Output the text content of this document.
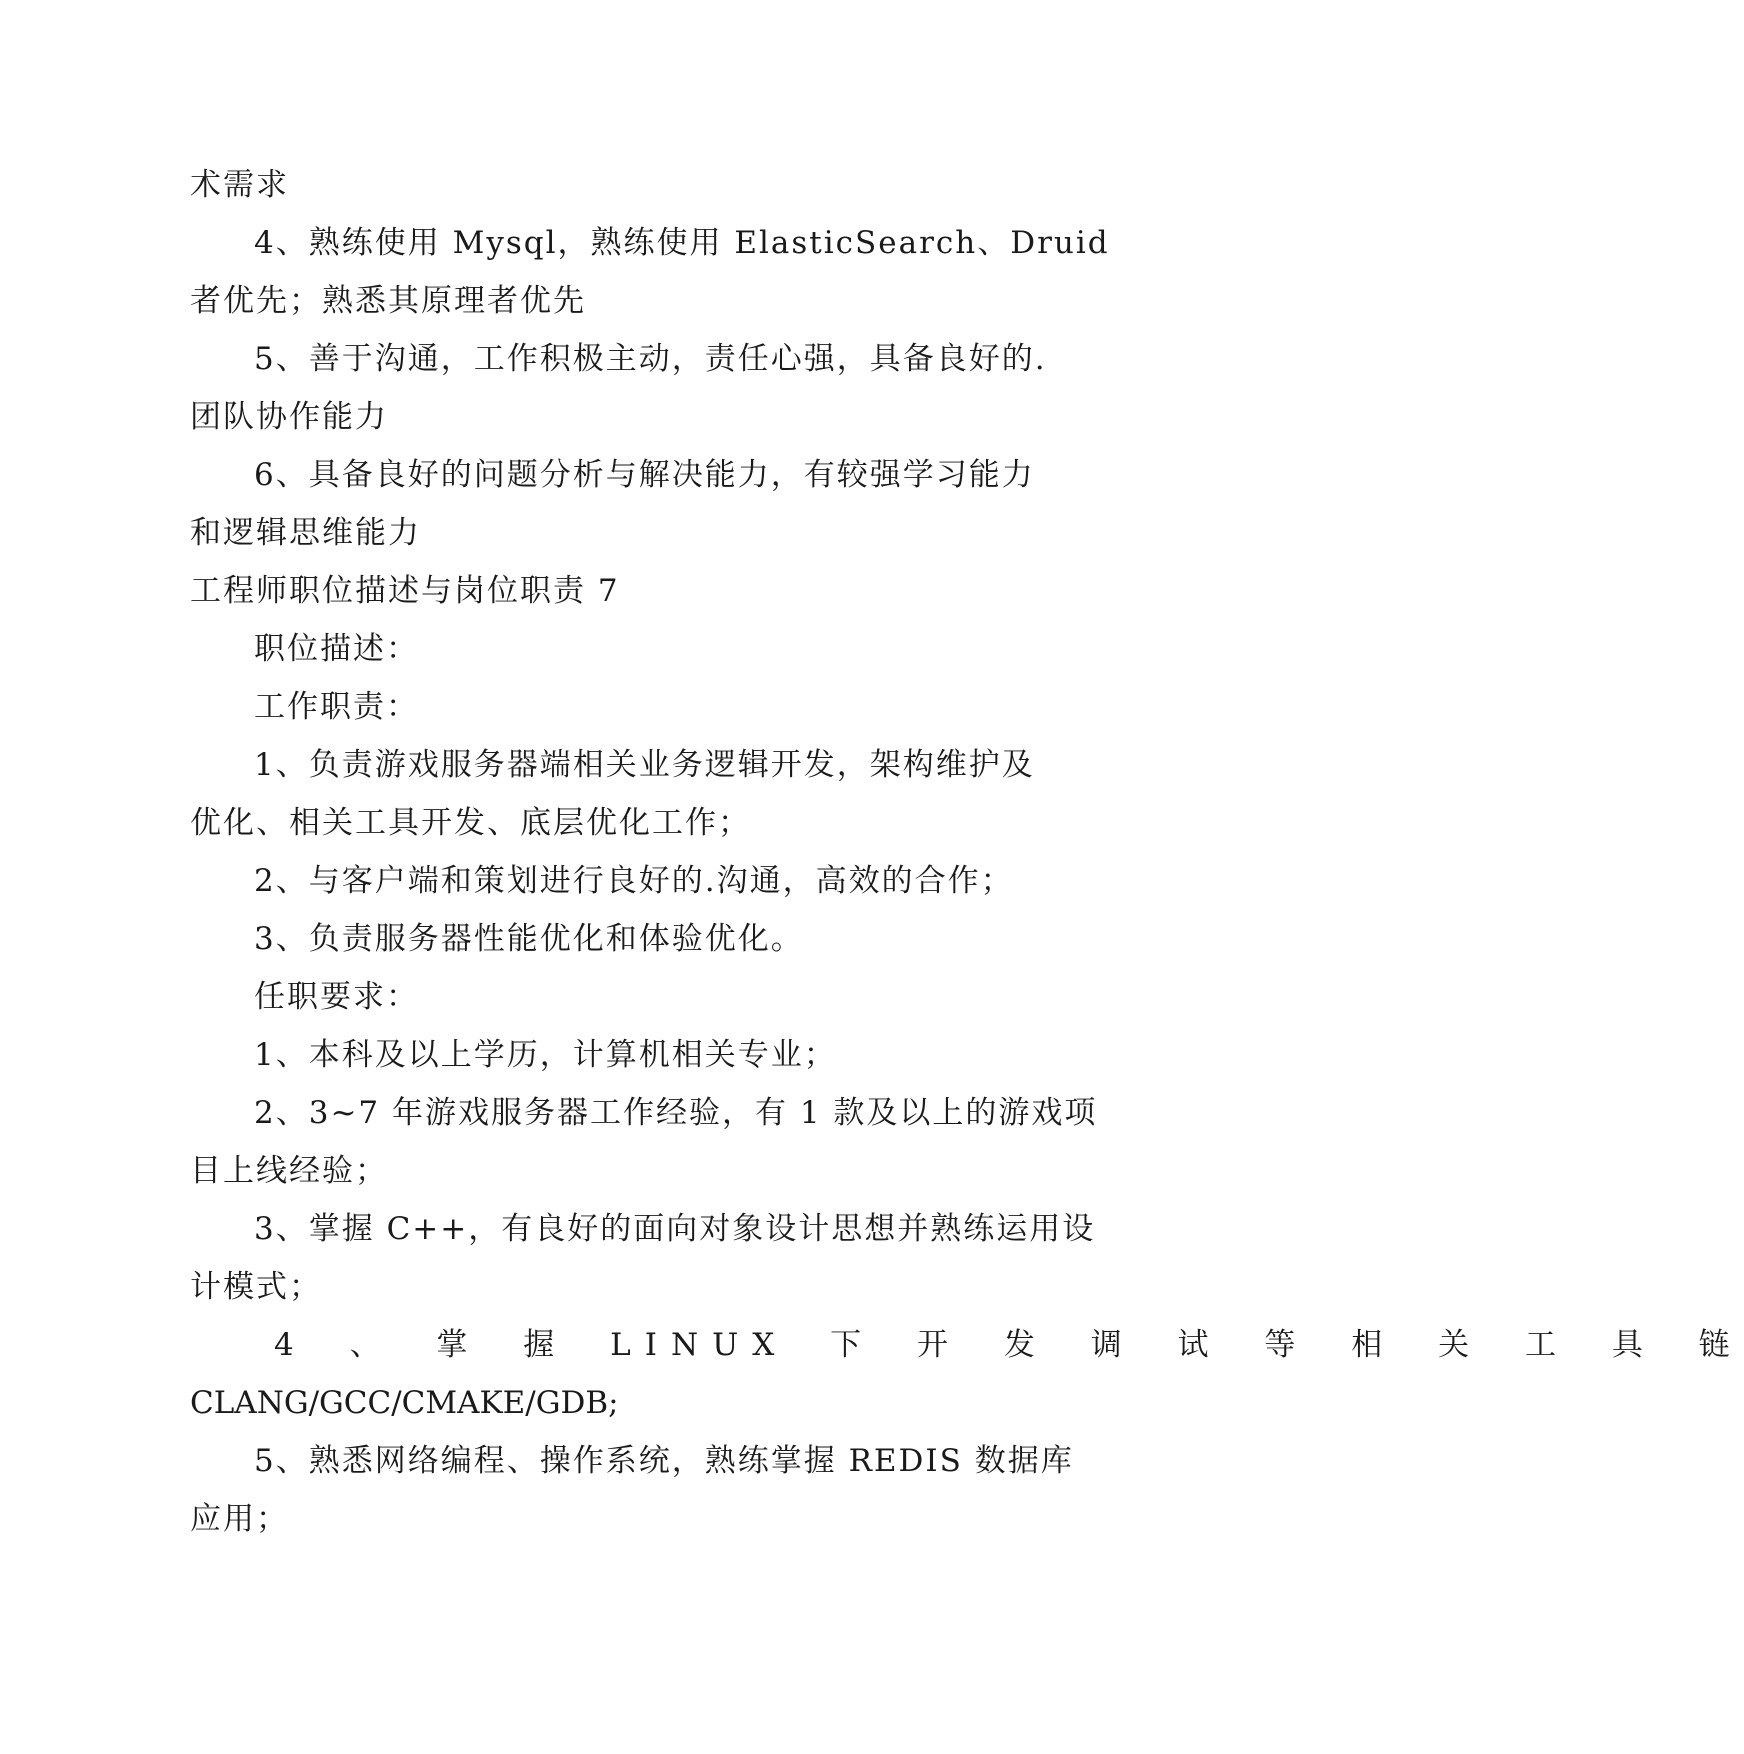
术需求
4、熟练使用 Mysql，熟练使用 ElasticSearch、Druid
者优先；熟悉其原理者优先
5、善于沟通，工作积极主动，责任心强，具备良好的.
团队协作能力
6、具备良好的问题分析与解决能力，有较强学习能力
和逻辑思维能力
工程师职位描述与岗位职责 7
职位描述：
工作职责：
1、负责游戏服务器端相关业务逻辑开发，架构维护及
优化、相关工具开发、底层优化工作；
2、与客户端和策划进行良好的.沟通，高效的合作；
3、负责服务器性能优化和体验优化。
任职要求：
1、本科及以上学历，计算机相关专业；
2、3~7 年游戏服务器工作经验，有 1 款及以上的游戏项
目上线经验；
3、掌握 C++，有良好的面向对象设计思想并熟练运用设
计模式；
4 、 掌 握 LINUX 下 开 发 调 试 等 相 关 工 具 链
CLANG/GCC/CMAKE/GDB;
5、熟悉网络编程、操作系统，熟练掌握 REDIS 数据库
应用；
